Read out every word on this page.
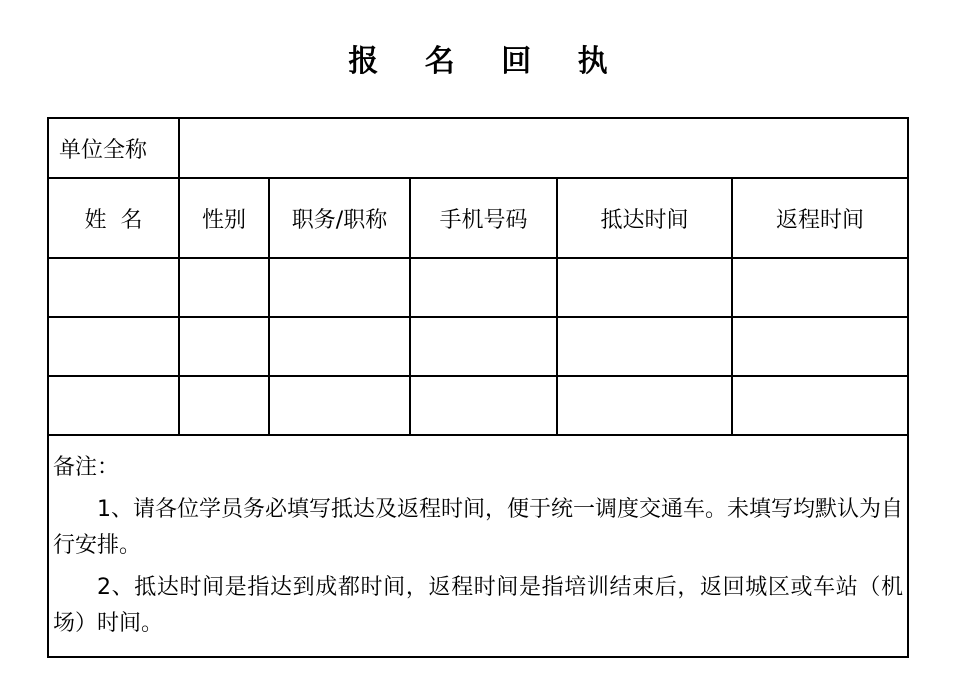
报 名 回 执
单位全称					
姓  名	性别	职务/职称	手机号码	抵达时间	返程时间

备注：

1、请各位学员务必填写抵达及返程时间，便于统一调度交通车。未填写均默认为自行安排。

2、抵达时间是指达到成都时间，返程时间是指培训结束后，返回城区或车站（机场）时间。					
